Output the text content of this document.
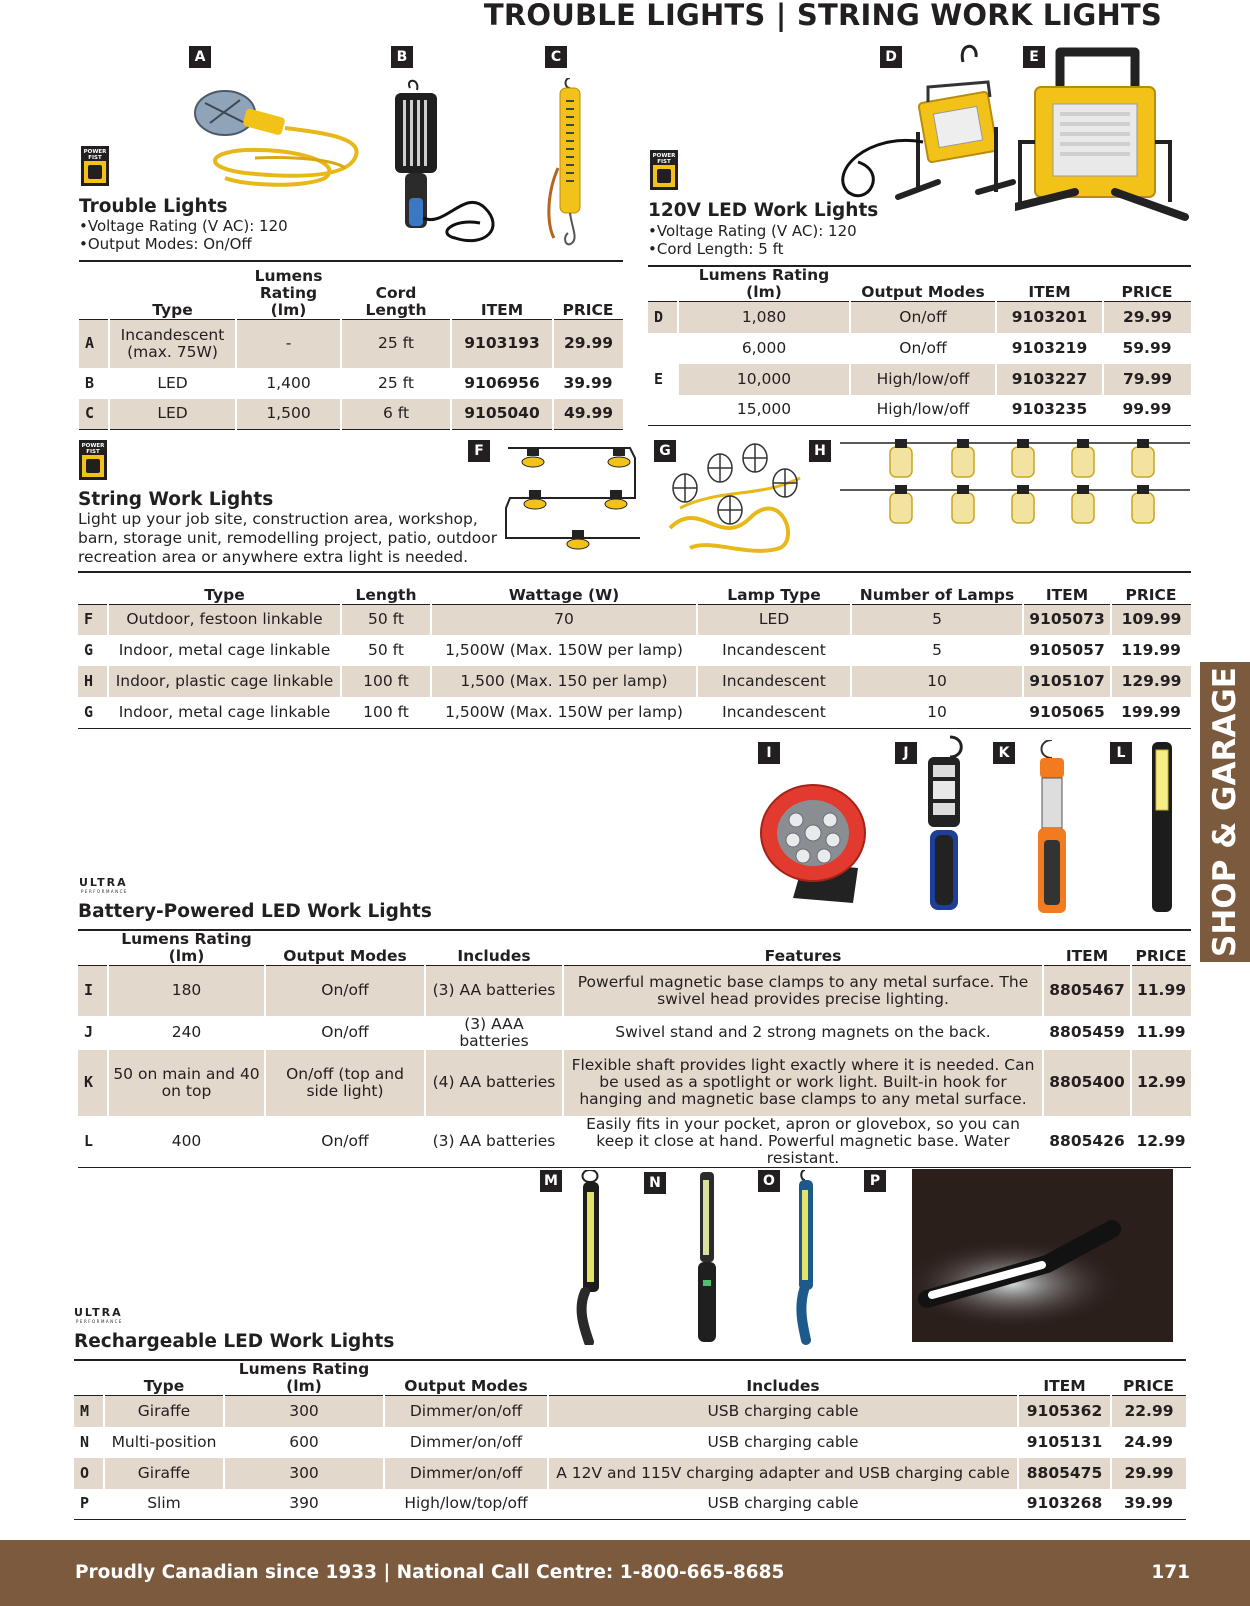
TROUBLE LIGHTS | STRING WORK LIGHTS
A	B	C
POWER
FIST
Trouble Lights
•Voltage Rating (V AC): 120
•Output Modes: On/Off
	Type	Lumens Rating (lm)	Cord Length	ITEM	PRICE
A	Incandescent (max. 75W)	-	25 ft	9103193	29.99
B	LED	1,400	25 ft	9106956	39.99
C	LED	1,500	6 ft	9105040	49.99
D	E
POWER
FIST
120V LED Work Lights
•Voltage Rating (V AC): 120
•Cord Length: 5 ft
	Lumens Rating (lm)	Output Modes	ITEM	PRICE
D	1,080	On/off	9103201	29.99
	6,000	On/off	9103219	59.99
E	10,000	High/low/off	9103227	79.99
	15,000	High/low/off	9103235	99.99
POWER
FIST
String Work Lights
Light up your job site, construction area, workshop, barn, storage unit, remodelling project, patio, outdoor recreation area or anywhere extra light is needed.
F	G	H
	Type	Length	Wattage (W)	Lamp Type	Number of Lamps	ITEM	PRICE
F	Outdoor, festoon linkable	50 ft	70	LED	5	9105073	109.99
G	Indoor, metal cage linkable	50 ft	1,500W (Max. 150W per lamp)	Incandescent	5	9105057	119.99
H	Indoor, plastic cage linkable	100 ft	1,500 (Max. 150 per lamp)	Incandescent	10	9105107	129.99
G	Indoor, metal cage linkable	100 ft	1,500W (Max. 150W per lamp)	Incandescent	10	9105065	199.99
I	J	K	L
ULTRA
PERFORMANCE
Battery-Powered LED Work Lights
	Lumens Rating (lm)	Output Modes	Includes	Features	ITEM	PRICE
I	180	On/off	(3) AA batteries	Powerful magnetic base clamps to any metal surface. The swivel head provides precise lighting.	8805467	11.99
J	240	On/off	(3) AAA batteries	Swivel stand and 2 strong magnets on the back.	8805459	11.99
K	50 on main and 40 on top	On/off (top and side light)	(4) AA batteries	Flexible shaft provides light exactly where it is needed. Can be used as a spotlight or work light. Built-in hook for hanging and magnetic base clamps to any metal surface.	8805400	12.99
L	400	On/off	(3) AA batteries	Easily fits in your pocket, apron or glovebox, so you can keep it close at hand. Powerful magnetic base. Water resistant.	8805426	12.99
M	N	O	P
ULTRA
PERFORMANCE
Rechargeable LED Work Lights
	Type	Lumens Rating (lm)	Output Modes	Includes	ITEM	PRICE
M	Giraffe	300	Dimmer/on/off	USB charging cable	9105362	22.99
N	Multi-position	600	Dimmer/on/off	USB charging cable	9105131	24.99
O	Giraffe	300	Dimmer/on/off	A 12V and 115V charging adapter and USB charging cable	8805475	29.99
P	Slim	390	High/low/top/off	USB charging cable	9103268	39.99
SHOP & GARAGE
Proudly Canadian since 1933 | National Call Centre: 1-800-665-8685	171
